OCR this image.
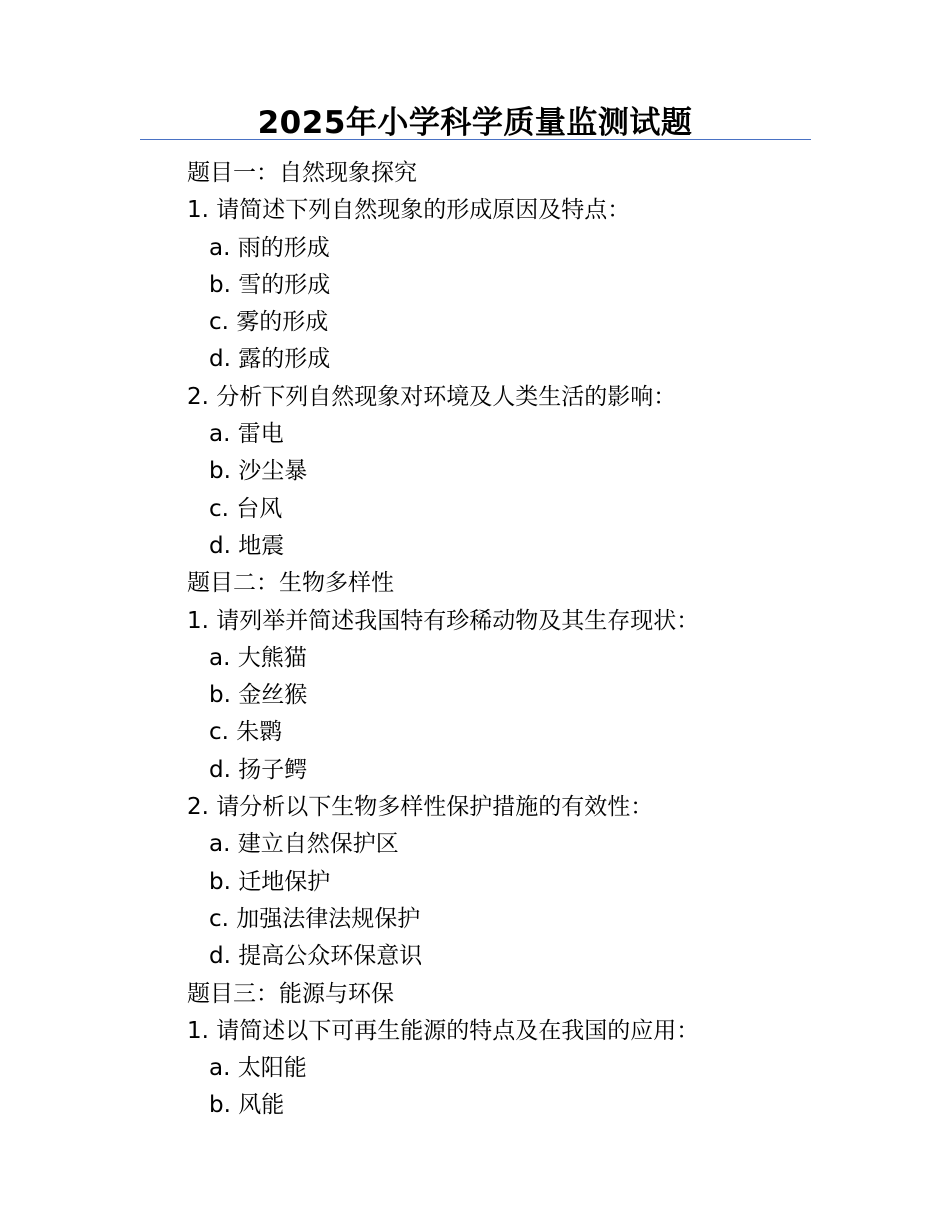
2025年小学科学质量监测试题
题目一：自然现象探究
1. 请简述下列自然现象的形成原因及特点：
a. 雨的形成
b. 雪的形成
c. 雾的形成
d. 露的形成
2. 分析下列自然现象对环境及人类生活的影响：
a. 雷电
b. 沙尘暴
c. 台风
d. 地震
题目二：生物多样性
1. 请列举并简述我国特有珍稀动物及其生存现状：
a. 大熊猫
b. 金丝猴
c. 朱鹮
d. 扬子鳄
2. 请分析以下生物多样性保护措施的有效性：
a. 建立自然保护区
b. 迁地保护
c. 加强法律法规保护
d. 提高公众环保意识
题目三：能源与环保
1. 请简述以下可再生能源的特点及在我国的应用：
a. 太阳能
b. 风能
